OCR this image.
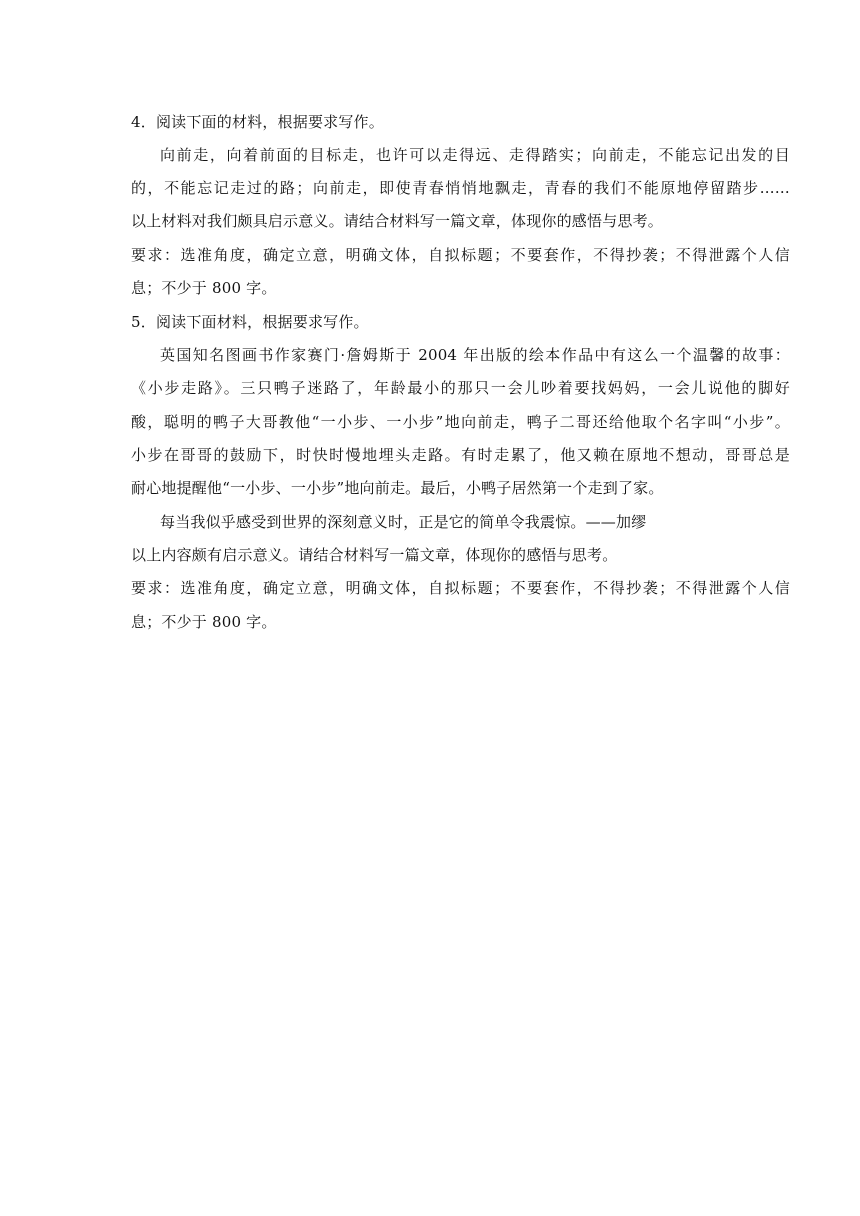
4．阅读下面的材料，根据要求写作。

向前走，向着前面的目标走，也许可以走得远、走得踏实；向前走，不能忘记出发的目

的，不能忘记走过的路；向前走，即使青春悄悄地飘走，青春的我们不能原地停留踏步……

以上材料对我们颇具启示意义。请结合材料写一篇文章，体现你的感悟与思考。

要求：选准角度，确定立意，明确文体，自拟标题；不要套作，不得抄袭；不得泄露个人信

息；不少于 800 字。

5．阅读下面材料，根据要求写作。

英国知名图画书作家赛门·詹姆斯于 2004 年出版的绘本作品中有这么一个温馨的故事：

《小步走路》。三只鸭子迷路了，年龄最小的那只一会儿吵着要找妈妈，一会儿说他的脚好

酸，聪明的鸭子大哥教他“一小步、一小步”地向前走，鸭子二哥还给他取个名字叫“小步”。

小步在哥哥的鼓励下，时快时慢地埋头走路。有时走累了，他又赖在原地不想动，哥哥总是

耐心地提醒他“一小步、一小步”地向前走。最后，小鸭子居然第一个走到了家。

每当我似乎感受到世界的深刻意义时，正是它的简单令我震惊。——加缪

以上内容颇有启示意义。请结合材料写一篇文章，体现你的感悟与思考。

要求：选准角度，确定立意，明确文体，自拟标题；不要套作，不得抄袭；不得泄露个人信

息；不少于 800 字。
